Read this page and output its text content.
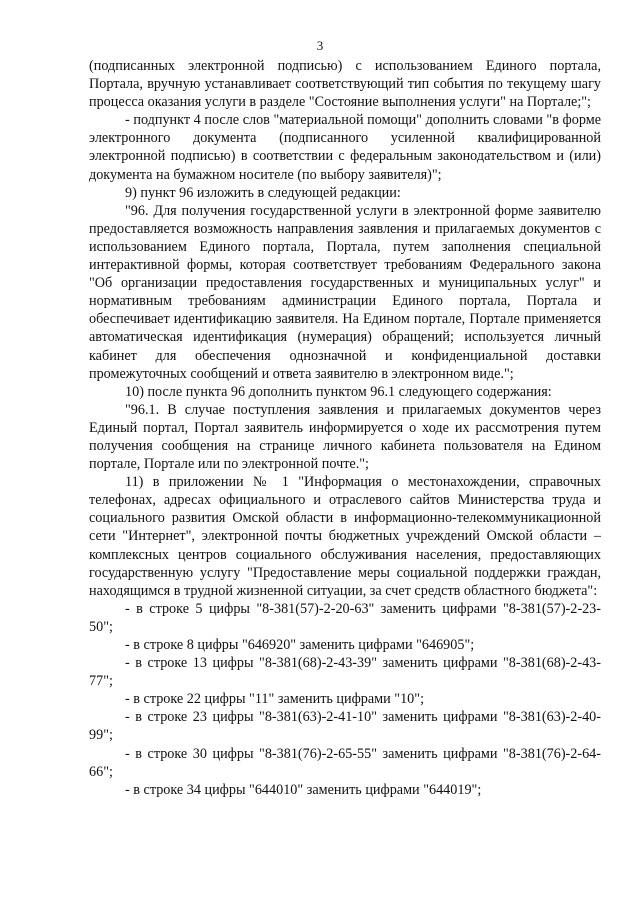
3

(подписанных электронной подписью) с использованием Единого портала, Портала, вручную устанавливает соответствующий тип события по текущему шагу процесса оказания услуги в разделе "Состояние выполнения услуги" на Портале;";

- подпункт 4 после слов "материальной помощи" дополнить словами "в форме электронного документа (подписанного усиленной квалифицированной электронной подписью) в соответствии с федеральным законодательством и (или) документа на бумажном носителе (по выбору заявителя)";

9) пункт 96 изложить в следующей редакции:

"96. Для получения государственной услуги в электронной форме заявителю предоставляется возможность направления заявления и прилагаемых документов с использованием Единого портала, Портала, путем заполнения специальной интерактивной формы, которая соответствует требованиям Федерального закона "Об организации предоставления государственных и муниципальных услуг" и нормативным требованиям администрации Единого портала, Портала и обеспечивает идентификацию заявителя. На Едином портале, Портале применяется автоматическая идентификация (нумерация) обращений; используется личный кабинет для обеспечения однозначной и конфиденциальной доставки промежуточных сообщений и ответа заявителю в электронном виде.";

10) после пункта 96 дополнить пунктом 96.1 следующего содержания:

"96.1. В случае поступления заявления и прилагаемых документов через Единый портал, Портал заявитель информируется о ходе их рассмотрения путем получения сообщения на странице личного кабинета пользователя на Едином портале, Портале или по электронной почте.";

11) в приложении № 1 "Информация о местонахождении, справочных телефонах, адресах официального и отраслевого сайтов Министерства труда и социального развития Омской области в информационно-телекоммуникационной сети "Интернет", электронной почты бюджетных учреждений Омской области – комплексных центров социального обслуживания населения, предоставляющих государственную услугу "Предоставление меры социальной поддержки граждан, находящимся в трудной жизненной ситуации, за счет средств областного бюджета":

- в строке 5 цифры "8-381(57)-2-20-63" заменить цифрами "8-381(57)-2-23-50";

- в строке 8 цифры "646920" заменить цифрами "646905";

- в строке 13 цифры "8-381(68)-2-43-39" заменить цифрами "8-381(68)-2-43-77";

- в строке 22 цифры "11" заменить цифрами "10";

- в строке 23 цифры "8-381(63)-2-41-10" заменить цифрами "8-381(63)-2-40-99";

- в строке 30 цифры "8-381(76)-2-65-55" заменить цифрами "8-381(76)-2-64-66";

- в строке 34 цифры "644010" заменить цифрами "644019";
